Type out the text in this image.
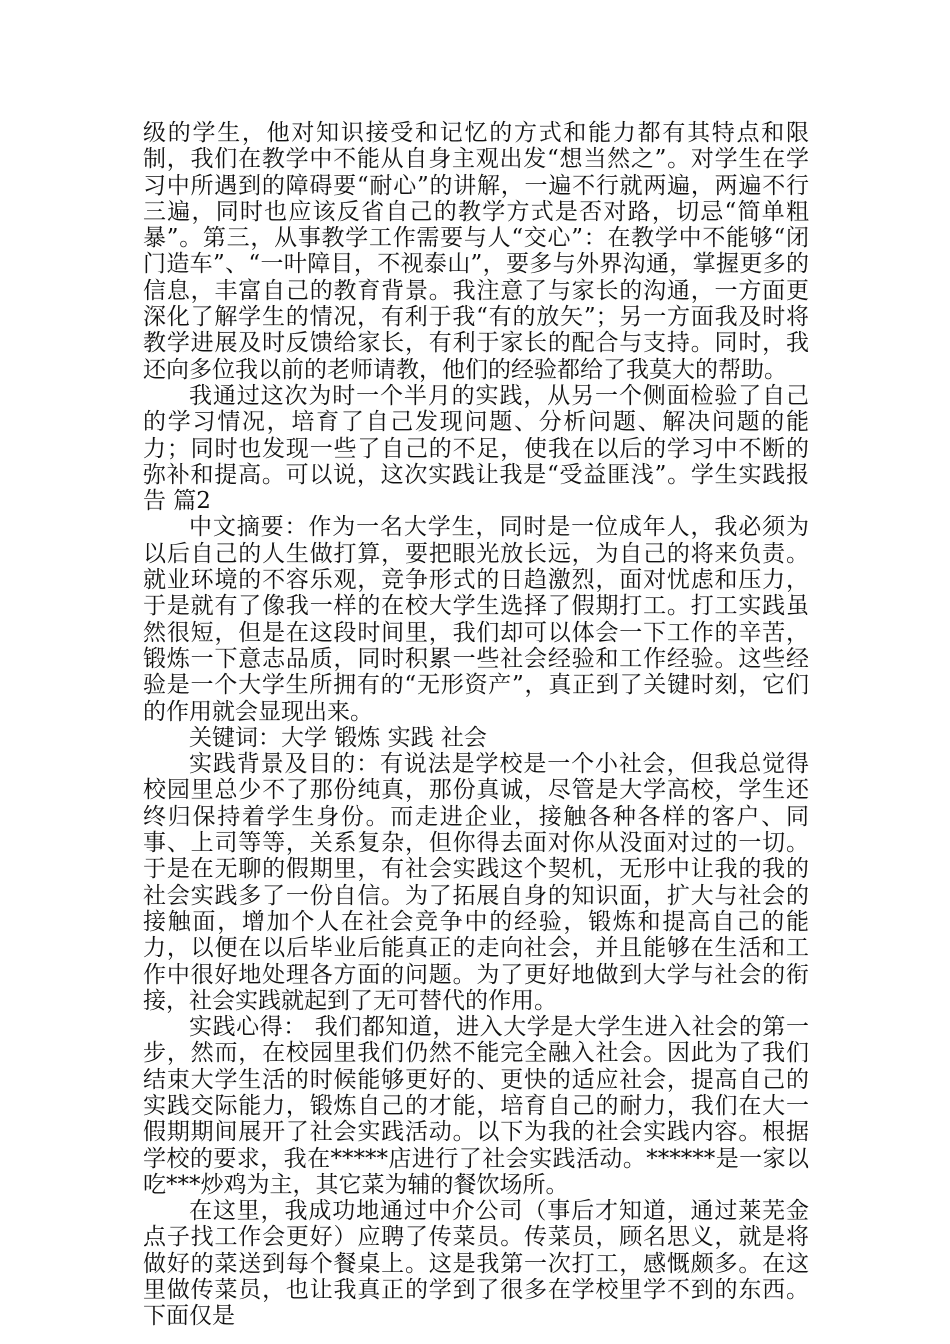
级的学生，他对知识接受和记忆的方式和能力都有其特点和限制，我们在教学中不能从自身主观出发“想当然之”。对学生在学习中所遇到的障碍要“耐心”的讲解，一遍不行就两遍，两遍不行三遍，同时也应该反省自己的教学方式是否对路，切忌“简单粗暴”。第三，从事教学工作需要与人“交心”：在教学中不能够“闭门造车”、“一叶障目，不视泰山”，要多与外界沟通，掌握更多的信息，丰富自己的教育背景。我注意了与家长的沟通，一方面更深化了解学生的情况，有利于我“有的放矢”；另一方面我及时将教学进展及时反馈给家长，有利于家长的配合与支持。同时，我还向多位我以前的老师请教，他们的经验都给了我莫大的帮助。

我通过这次为时一个半月的实践，从另一个侧面检验了自己的学习情况，培育了自己发现问题、分析问题、解决问题的能力；同时也发现一些了自己的不足，使我在以后的学习中不断的弥补和提高。可以说，这次实践让我是“受益匪浅”。学生实践报告 篇2

中文摘要：作为一名大学生，同时是一位成年人，我必须为以后自己的人生做打算，要把眼光放长远，为自己的将来负责。就业环境的不容乐观，竞争形式的日趋激烈，面对忧虑和压力，于是就有了像我一样的在校大学生选择了假期打工。打工实践虽然很短，但是在这段时间里，我们却可以体会一下工作的辛苦，锻炼一下意志品质，同时积累一些社会经验和工作经验。这些经验是一个大学生所拥有的“无形资产”，真正到了关键时刻，它们的作用就会显现出来。

关键词：大学 锻炼 实践 社会

实践背景及目的：有说法是学校是一个小社会，但我总觉得校园里总少不了那份纯真，那份真诚，尽管是大学高校，学生还终归保持着学生身份。而走进企业，接触各种各样的客户、同事、上司等等，关系复杂，但你得去面对你从没面对过的一切。于是在无聊的假期里，有社会实践这个契机，无形中让我的我的社会实践多了一份自信。为了拓展自身的知识面，扩大与社会的接触面，增加个人在社会竞争中的经验，锻炼和提高自己的能力，以便在以后毕业后能真正的走向社会，并且能够在生活和工作中很好地处理各方面的问题。为了更好地做到大学与社会的衔接，社会实践就起到了无可替代的作用。

实践心得： 我们都知道，进入大学是大学生进入社会的第一步，然而，在校园里我们仍然不能完全融入社会。因此为了我们结束大学生活的时候能够更好的、更快的适应社会，提高自己的实践交际能力，锻炼自己的才能，培育自己的耐力，我们在大一假期期间展开了社会实践活动。以下为我的社会实践内容。根据学校的要求，我在*****店进行了社会实践活动。******是一家以吃***炒鸡为主，其它菜为辅的餐饮场所。

在这里，我成功地通过中介公司（事后才知道，通过莱芜金点子找工作会更好）应聘了传菜员。传菜员，顾名思义，就是将做好的菜送到每个餐桌上。这是我第一次打工，感慨颇多。在这里做传菜员，也让我真正的学到了很多在学校里学不到的东西。下面仅是
